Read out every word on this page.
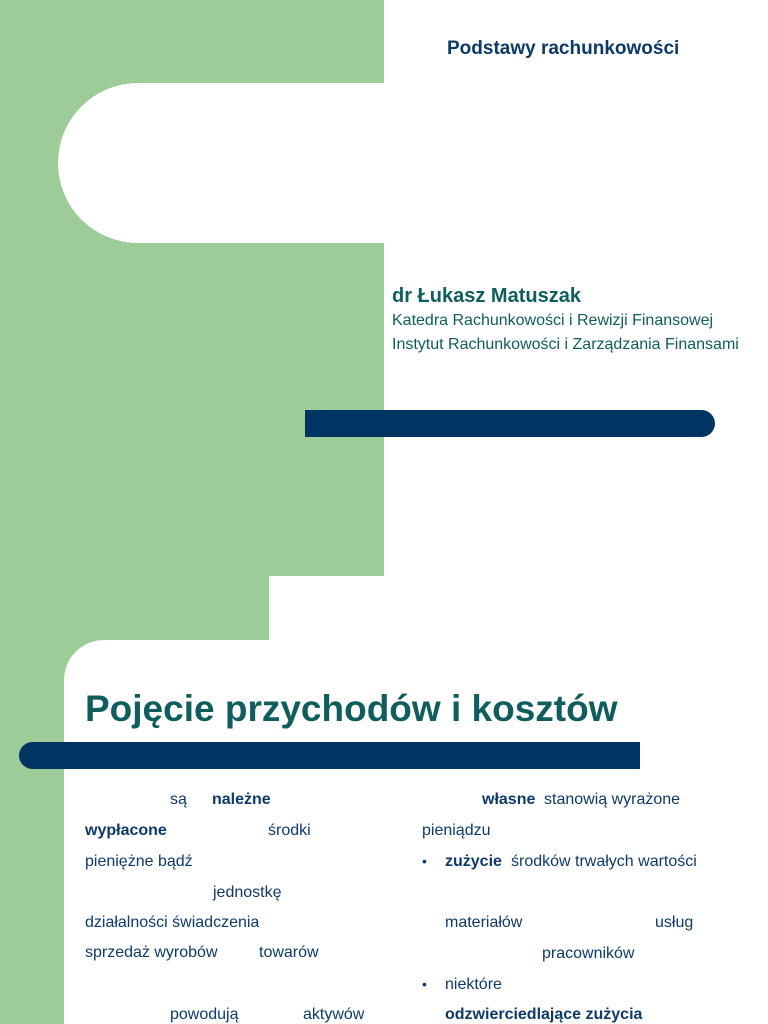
Podstawy rachunkowości
dr Łukasz Matuszak
Katedra Rachunkowości i Rewizji Finansowej
Instytut Rachunkowości i Zarządzania Finansami
Pojęcie przychodów i kosztów
są należne
wypłacone	środki
pieniężne bądź
jednostkę
działalności świadczenia
sprzedaż wyrobów	towarów
powodują	aktywów
własne stanowią wyrażone
pieniądzu
• zużycie środków trwałych wartości
materiałów	usług
pracowników
• niektóre
odzwierciedlające zużycia
